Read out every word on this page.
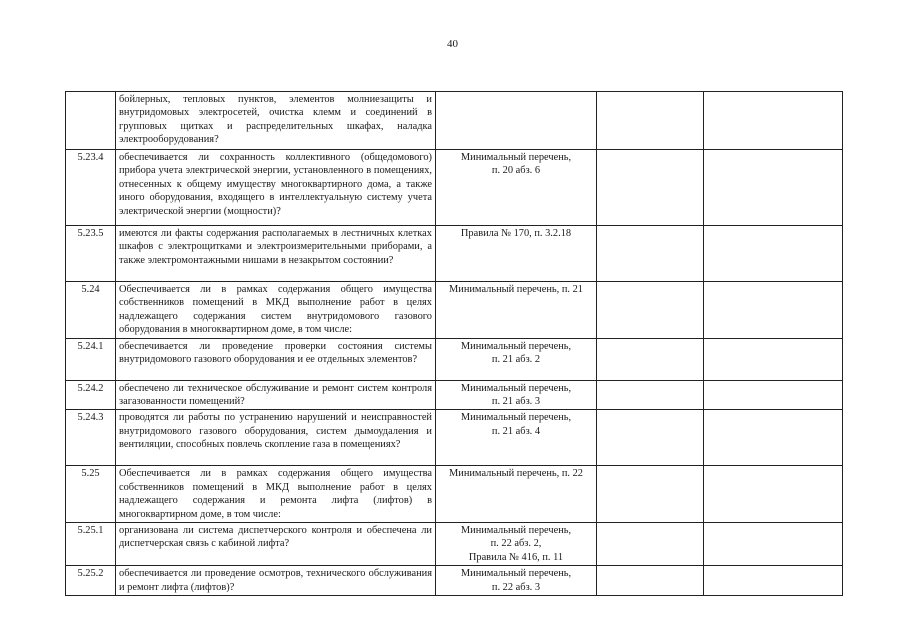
40
	бойлерных, тепловых пунктов, элементов молниезащиты и внутридомовых электросетей, очистка клемм и соединений в групповых щитках и распределительных шкафах, наладка электрооборудования?			
5.23.4	обеспечивается ли сохранность коллективного (общедомового) прибора учета электрической энергии, установленного в помещениях, отнесенных к общему имуществу многоквартирного дома, а также иного оборудования, входящего в интеллектуальную систему учета электрической энергии (мощности)?	Минимальный перечень,
п. 20 абз. 6		

5.23.5	имеются ли факты содержания располагаемых в лестничных клетках шкафов с электрощитками и электроизмерительными приборами, а также электромонтажными нишами в незакрытом состоянии?	Правила № 170, п. 3.2.18		

5.24	Обеспечивается ли в рамках содержания общего имущества собственников помещений в МКД выполнение работ в целях надлежащего содержания систем внутридомового газового оборудования в многоквартирном доме, в том числе:	Минимальный перечень, п. 21		

5.24.1	обеспечивается ли проведение проверки состояния системы внутридомового газового оборудования и ее отдельных элементов?	Минимальный перечень,
п. 21 абз. 2		

5.24.2	обеспечено ли техническое обслуживание и ремонт систем контроля загазованности помещений?	Минимальный перечень,
п. 21 абз. 3		

5.24.3	проводятся ли работы по устранению нарушений и неисправностей внутридомового газового оборудования, систем дымоудаления и вентиляции, способных повлечь скопление газа в помещениях?	Минимальный перечень,
п. 21 абз. 4		

5.25	Обеспечивается ли в рамках содержания общего имущества собственников помещений в МКД выполнение работ в целях надлежащего содержания и ремонта лифта (лифтов) в многоквартирном доме, в том числе:	Минимальный перечень, п. 22		

5.25.1	организована ли система диспетчерского контроля и обеспечена ли диспетчерская связь с кабиной лифта?	Минимальный перечень,
п. 22 абз. 2,
Правила № 416, п. 11		

5.25.2	обеспечивается ли проведение осмотров, технического обслуживания и ремонт лифта (лифтов)?	Минимальный перечень,
п. 22 абз. 3		
